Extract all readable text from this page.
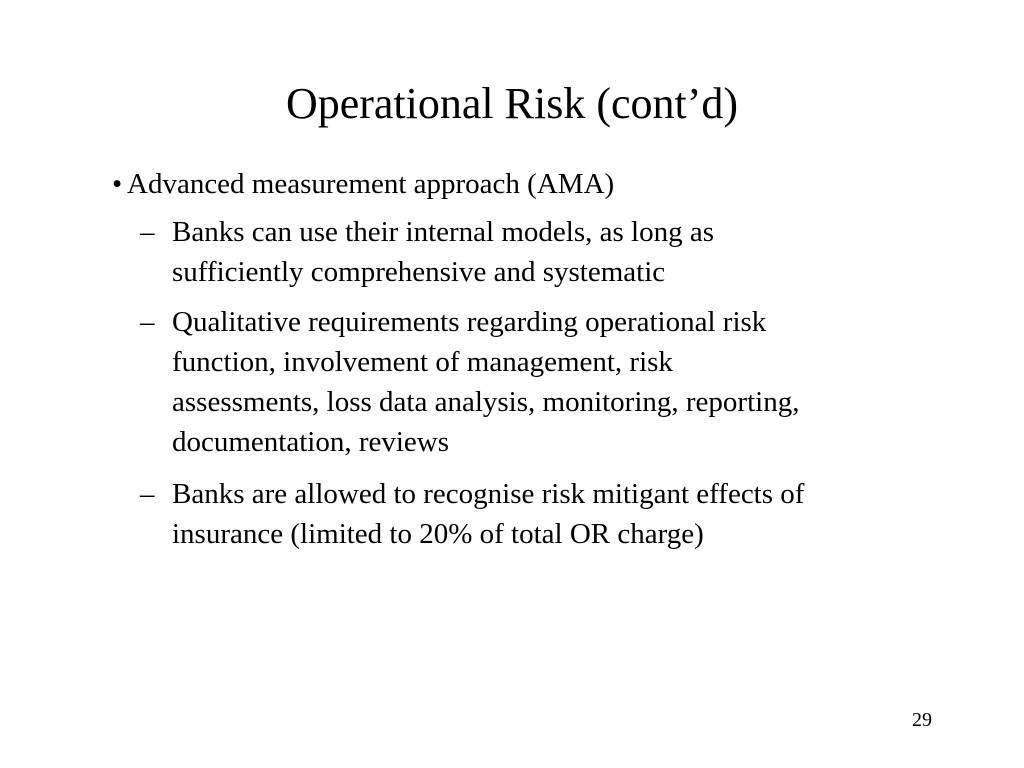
Operational Risk (cont’d)
• Advanced measurement approach (AMA)
– Banks can use their internal models, as long as
sufficiently comprehensive and systematic
– Qualitative requirements regarding operational risk
function, involvement of management, risk
assessments, loss data analysis, monitoring, reporting,
documentation, reviews
– Banks are allowed to recognise risk mitigant effects of
insurance (limited to 20% of total OR charge)
29
